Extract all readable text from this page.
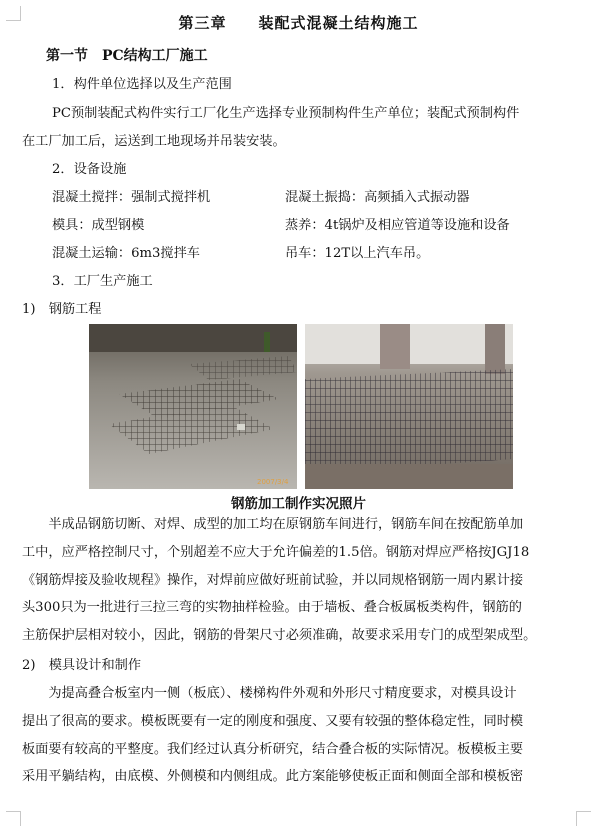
第三章　　装配式混凝土结构施工
第一节　PC结构工厂施工
1．构件单位选择以及生产范围
PC预制装配式构件实行工厂化生产选择专业预制构件生产单位；装配式预制构件
在工厂加工后，运送到工地现场并吊装安装。
2．设备设施
混凝土搅拌：强制式搅拌机	混凝土振捣：高频插入式振动器
模具：成型钢模	蒸养：4t锅炉及相应管道等设施和设备
混凝土运输：6m3搅拌车	吊车：12T以上汽车吊。
3．工厂生产施工
1)　钢筋工程
2007/3/4
钢筋加工制作实况照片

　　半成品钢筋切断、对焊、成型的加工均在原钢筋车间进行，钢筋车间在按配筋单加

工中，应严格控制尺寸，个别超差不应大于允许偏差的1.5倍。钢筋对焊应严格按JGJ18

《钢筋焊接及验收规程》操作，对焊前应做好班前试验，并以同规格钢筋一周内累计接

头300只为一批进行三拉三弯的实物抽样检验。由于墙板、叠合板属板类构件，钢筋的

主筋保护层相对较小，因此，钢筋的骨架尺寸必须准确，故要求采用专门的成型架成型。

2)　模具设计和制作

　　为提高叠合板室内一侧（板底）、楼梯构件外观和外形尺寸精度要求，对模具设计

提出了很高的要求。模板既要有一定的刚度和强度、又要有较强的整体稳定性，同时模

板面要有较高的平整度。我们经过认真分析研究，结合叠合板的实际情况。板模板主要

采用平躺结构，由底模、外侧模和内侧组成。此方案能够使板正面和侧面全部和模板密
